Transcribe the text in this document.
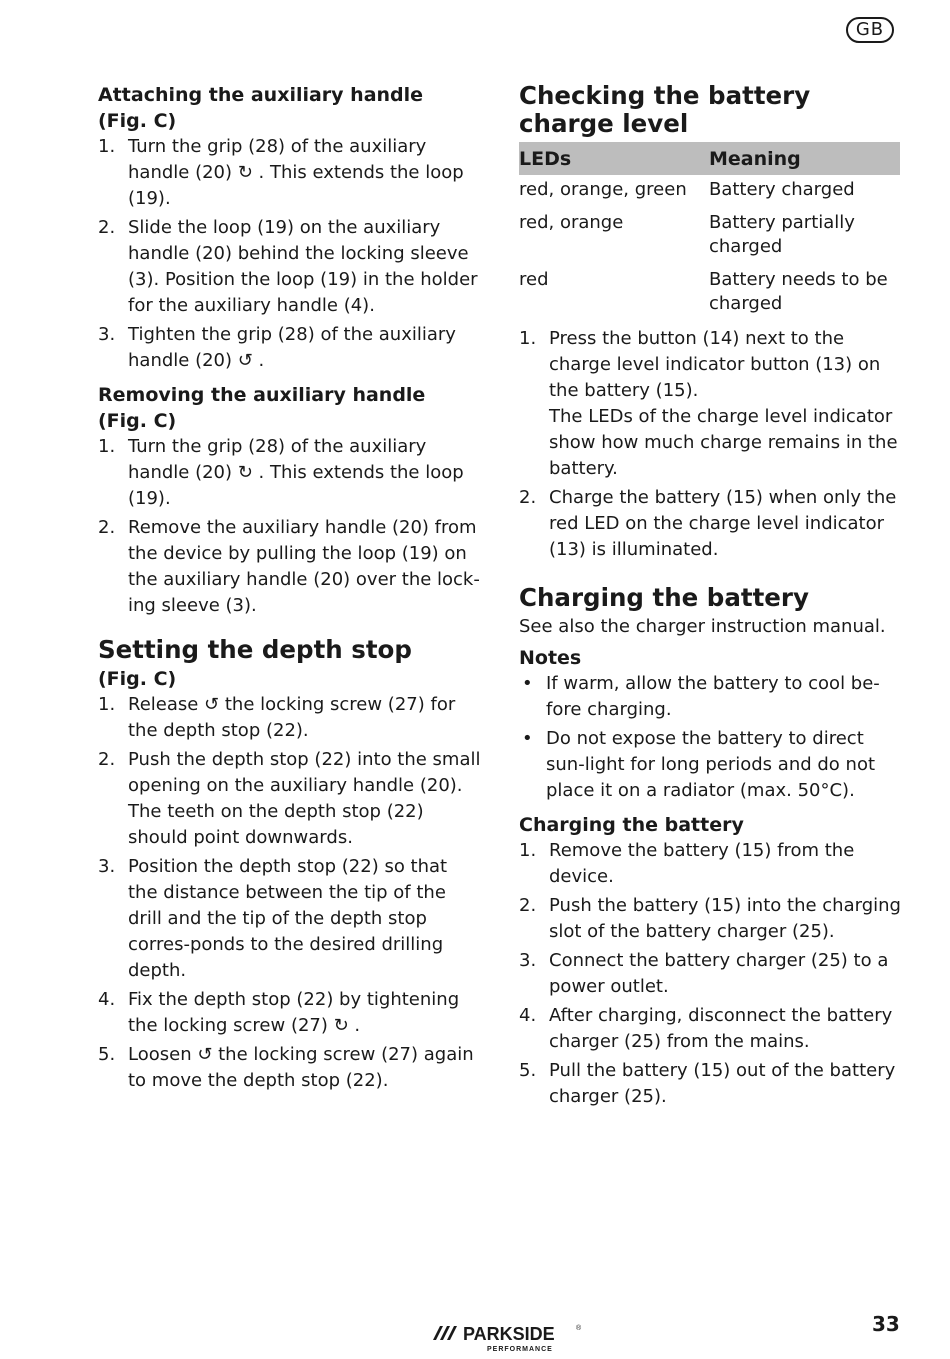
GB

Attaching the auxiliary handle

(Fig. C)

1. Turn the grip (28) of the auxiliary handle (20) ↻ . This extends the loop (19).
2. Slide the loop (19) on the auxiliary handle (20) behind the locking sleeve (3). Position the loop (19) in the holder for the auxiliary handle (4).
3. Tighten the grip (28) of the auxiliary handle (20) ↺ .

Removing the auxiliary handle

(Fig. C)

1. Turn the grip (28) of the auxiliary handle (20) ↻ . This extends the loop (19).
2. Remove the auxiliary handle (20) from the device by pulling the loop (19) on the auxiliary handle (20) over the lock-ing sleeve (3).
Setting the depth stop

(Fig. C)

1. Release ↺ the locking screw (27) for the depth stop (22).
2. Push the depth stop (22) into the small opening on the auxiliary handle (20). The teeth on the depth stop (22) should point downwards.
3. Position the depth stop (22) so that the distance between the tip of the drill and the tip of the depth stop corres-ponds to the desired drilling depth.
4. Fix the depth stop (22) by tightening the locking screw (27) ↻ .
5. Loosen ↺ the locking screw (27) again to move the depth stop (22).
Checking the battery charge level
LEDs	Meaning
red, orange, green	Battery charged
red, orange	Battery partially charged
red	Battery needs to be charged
1. Press the button (14) next to the charge level indicator button (13) on the battery (15).
The LEDs of the charge level indicator show how much charge remains in the battery.
2. Charge the battery (15) when only the red LED on the charge level indicator (13) is illuminated.
Charging the battery

See also the charger instruction manual.

Notes

• If warm, allow the battery to cool be-fore charging.
• Do not expose the battery to direct sun-light for long periods and do not place it on a radiator (max. 50°C).

Charging the battery

1. Remove the battery (15) from the device.
2. Push the battery (15) into the charging slot of the battery charger (25).
3. Connect the battery charger (25) to a power outlet.
4. After charging, disconnect the battery charger (25) from the mains.
5. Pull the battery (15) out of the battery charger (25).
PARKSIDE	®
PERFORMANCE
33
